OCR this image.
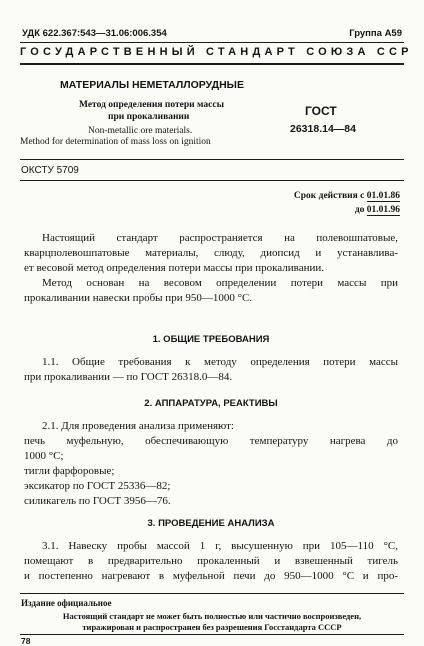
УДК 622.367:543—31.06:006.354	Группа А59
ГОСУДАРСТВЕННЫЙ СТАНДАРТ СОЮЗА ССР
МАТЕРИАЛЫ НЕМЕТАЛЛОРУДНЫЕ
Метод определения потери массы
при прокаливании
Non-metallic ore materials.
Method for determination of mass loss on ignition
ГОСТ
26318.14—84
ОКСТУ 5709
Срок действия с 01.01.86
до 01.01.96
Настоящий стандарт распространяется на полевошпатовые,
кварцполевошпатовые материалы, слюду, диопсид и устанавлива-
ет весовой метод определения потери массы при прокаливании.
Метод основан на весовом определении потери массы при
прокаливании навески пробы при 950—1000 °С.
1. ОБЩИЕ ТРЕБОВАНИЯ
1.1. Общие требования к методу определения потери массы
при прокаливании — по ГОСТ 26318.0—84.
2. АППАРАТУРА, РЕАКТИВЫ
2.1. Для проведения анализа применяют:
печь муфельную, обеспечивающую температуру нагрева до
1000 °С;
тигли фарфоровые;
эксикатор по ГОСТ 25336—82;
силикагель по ГОСТ 3956—76.
3. ПРОВЕДЕНИЕ АНАЛИЗА
3.1. Навеску пробы массой 1 г, высушенную при 105—110 °С,
помещают в предварительно прокаленный и взвешенный тигель
и постепенно нагревают в муфельной печи до 950—1000 °С и про-
Издание официальное
Настоящий стандарт не может быть полностью или частично воспроизведен,
тиражирован и распространен без разрешения Госстандарта СССР
78
